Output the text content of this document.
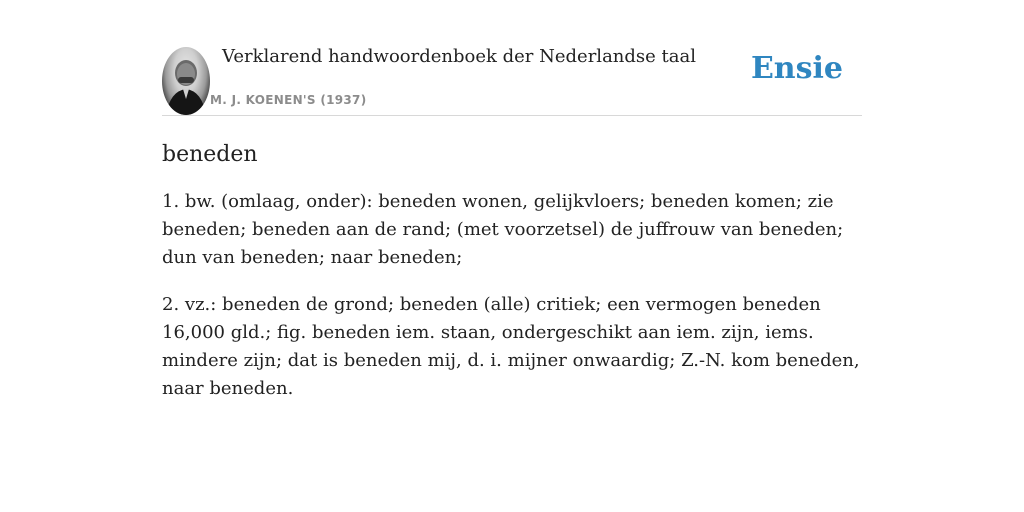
Verklarend handwoordenboek der Nederlandse taal
M. J. KOENEN'S (1937)
Ensie
beneden
1. bw. (omlaag, onder): beneden wonen, gelijkvloers; beneden komen; zie beneden; beneden aan de rand; (met voorzetsel) de juffrouw van beneden; dun van beneden; naar beneden;
2. vz.: beneden de grond; beneden (alle) critiek; een vermogen beneden 16,000 gld.; fig. beneden iem. staan, ondergeschikt aan iem. zijn, iems. mindere zijn; dat is beneden mij, d. i. mijner onwaardig; Z.-N. kom beneden, naar beneden.
